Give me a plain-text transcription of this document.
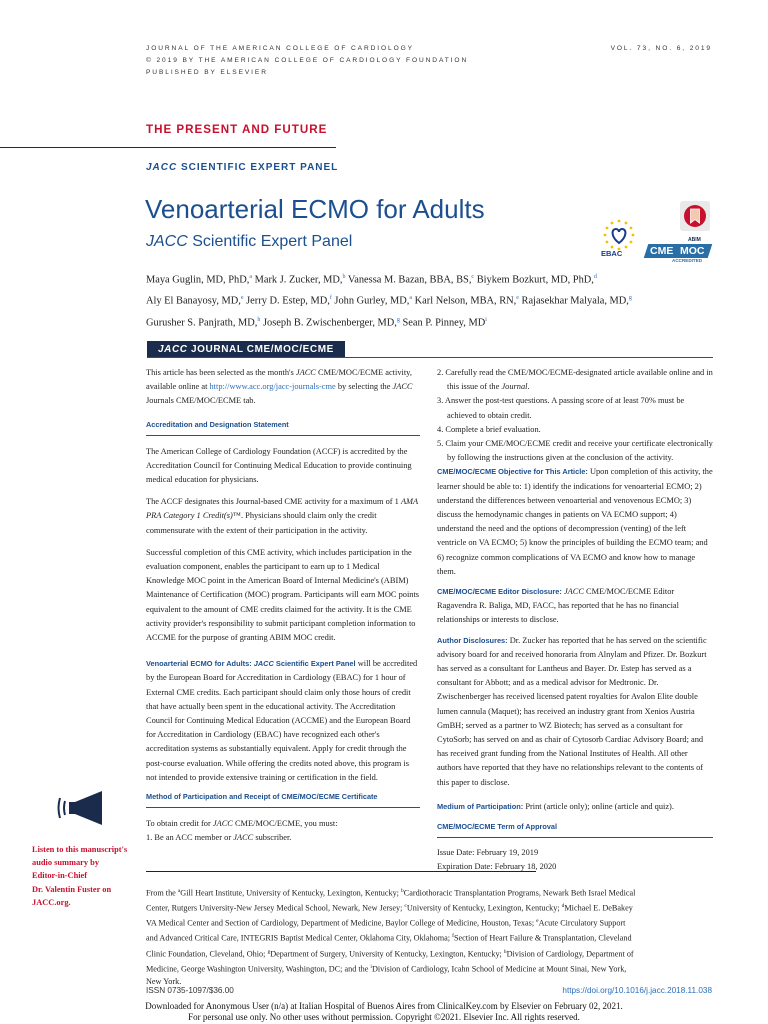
JOURNAL OF THE AMERICAN COLLEGE OF CARDIOLOGY
© 2019 BY THE AMERICAN COLLEGE OF CARDIOLOGY FOUNDATION
PUBLISHED BY ELSEVIER
VOL. 73, NO. 6, 2019
THE PRESENT AND FUTURE
JACC SCIENTIFIC EXPERT PANEL
Venoarterial ECMO for Adults
JACC Scientific Expert Panel
EBAC
ABIM
CME MOC
ACCREDITED
Maya Guglin, MD, PhD,$^a$ Mark J. Zucker, MD,$^b$ Vanessa M. Bazan, BBA, BS,$^c$ Biykem Bozkurt, MD, PhD,$^d$
Aly El Banayosy, MD,$^e$ Jerry D. Estep, MD,$^f$ John Gurley, MD,$^a$ Karl Nelson, MBA, RN,$^e$ Rajasekhar Malyala, MD,$^g$
Gurusher S. Panjrath, MD,$^h$ Joseph B. Zwischenberger, MD,$^g$ Sean P. Pinney, $MD^i$
JACC JOURNAL CME/MOC/ECME

This article has been selected as the month's JACC CME/MOC/ECME activity, available online at http://www.acc.org/jacc-journals-cme by selecting the JACC Journals CME/MOC/ECME tab.

Accreditation and Designation Statement

The American College of Cardiology Foundation (ACCF) is accredited by the Accreditation Council for Continuing Medical Education to provide continuing medical education for physicians.

The ACCF designates this Journal-based CME activity for a maximum of 1 AMA PRA Category 1 Credit(s)™. Physicians should claim only the credit commensurate with the extent of their participation in the activity.

Successful completion of this CME activity, which includes participation in the evaluation component, enables the participant to earn up to 1 Medical Knowledge MOC point in the American Board of Internal Medicine's (ABIM) Maintenance of Certification (MOC) program. Participants will earn MOC points equivalent to the amount of CME credits claimed for the activity. It is the CME activity provider's responsibility to submit participant completion information to ACCME for the purpose of granting ABIM MOC credit.

Venoarterial ECMO for Adults: JACC Scientific Expert Panel will be accredited by the European Board for Accreditation in Cardiology (EBAC) for 1 hour of External CME credits. Each participant should claim only those hours of credit that have actually been spent in the educational activity. The Accreditation Council for Continuing Medical Education (ACCME) and the European Board for Accreditation in Cardiology (EBAC) have recognized each other's accreditation systems as substantially equivalent. Apply for credit through the post-course evaluation. While offering the credits noted above, this program is not intended to provide extensive training or certification in the field.

Method of Participation and Receipt of CME/MOC/ECME Certificate

To obtain credit for JACC CME/MOC/ECME, you must:

1. Be an ACC member or JACC subscriber.

2. Carefully read the CME/MOC/ECME-designated article available online and in this issue of the Journal.

3. Answer the post-test questions. A passing score of at least 70% must be achieved to obtain credit.

4. Complete a brief evaluation.

5. Claim your CME/MOC/ECME credit and receive your certificate electronically by following the instructions given at the conclusion of the activity.

CME/MOC/ECME Objective for This Article: Upon completion of this activity, the learner should be able to: 1) identify the indications for venoarterial ECMO; 2) understand the differences between venoarterial and venovenous ECMO; 3) discuss the hemodynamic changes in patients on VA ECMO support; 4) understand the need and the options of decompression (venting) of the left ventricle on VA ECMO; 5) know the principles of building the ECMO team; and 6) recognize common complications of VA ECMO and know how to manage them.

CME/MOC/ECME Editor Disclosure: JACC CME/MOC/ECME Editor Ragavendra R. Baliga, MD, FACC, has reported that he has no financial relationships or interests to disclose.

Author Disclosures: Dr. Zucker has reported that he has served on the scientific advisory board for and received honoraria from Alnylam and Pfizer. Dr. Bozkurt has served as a consultant for Lantheus and Bayer. Dr. Estep has served as a consultant for Abbott; and as a medical advisor for Medtronic. Dr. Zwischenberger has received licensed patent royalties for Avalon Elite double lumen cannula (Maquet); has received an industry grant from Xenios Austria GmBH; served as a partner to WZ Biotech; has served as a consultant for CytoSorb; has served on and as chair of Cytosorb Cardiac Advisory Board; and has received grant funding from the National Institutes of Health. All other authors have reported that they have no relationships relevant to the contents of this paper to disclose.

Medium of Participation: Print (article only); online (article and quiz).

CME/MOC/ECME Term of Approval

Issue Date: February 19, 2019

Expiration Date: February 18, 2020

Listen to this manuscript's
audio summary by
Editor-in-Chief
Dr. Valentin Fuster on
JACC.org.
From the $^a$Gill Heart Institute, University of Kentucky, Lexington, Kentucky; $^b$Cardiothoracic Transplantation Programs, Newark Beth Israel Medical Center, Rutgers University-New Jersey Medical School, Newark, New Jersey; $^c$University of Kentucky, Lexington, Kentucky; $^d$Michael E. DeBakey VA Medical Center and Section of Cardiology, Department of Medicine, Baylor College of Medicine, Houston, Texas; $^e$Acute Circulatory Support and Advanced Critical Care, INTEGRIS Baptist Medical Center, Oklahoma City, Oklahoma; $^f$Section of Heart Failure & Transplantation, Cleveland Clinic Foundation, Cleveland, Ohio; $^g$Department of Surgery, University of Kentucky, Lexington, Kentucky; $^h$Division of Cardiology, Department of Medicine, George Washington University, Washington, DC; and the $^i$Division of Cardiology, Icahn School of Medicine at Mount Sinai, New York, New York.
ISSN 0735-1097/$36.00	https://doi.org/10.1016/j.jacc.2018.11.038
Downloaded for Anonymous User (n/a) at Italian Hospital of Buenos Aires from ClinicalKey.com by Elsevier on February 02, 2021.
For personal use only. No other uses without permission. Copyright ©2021. Elsevier Inc. All rights reserved.
